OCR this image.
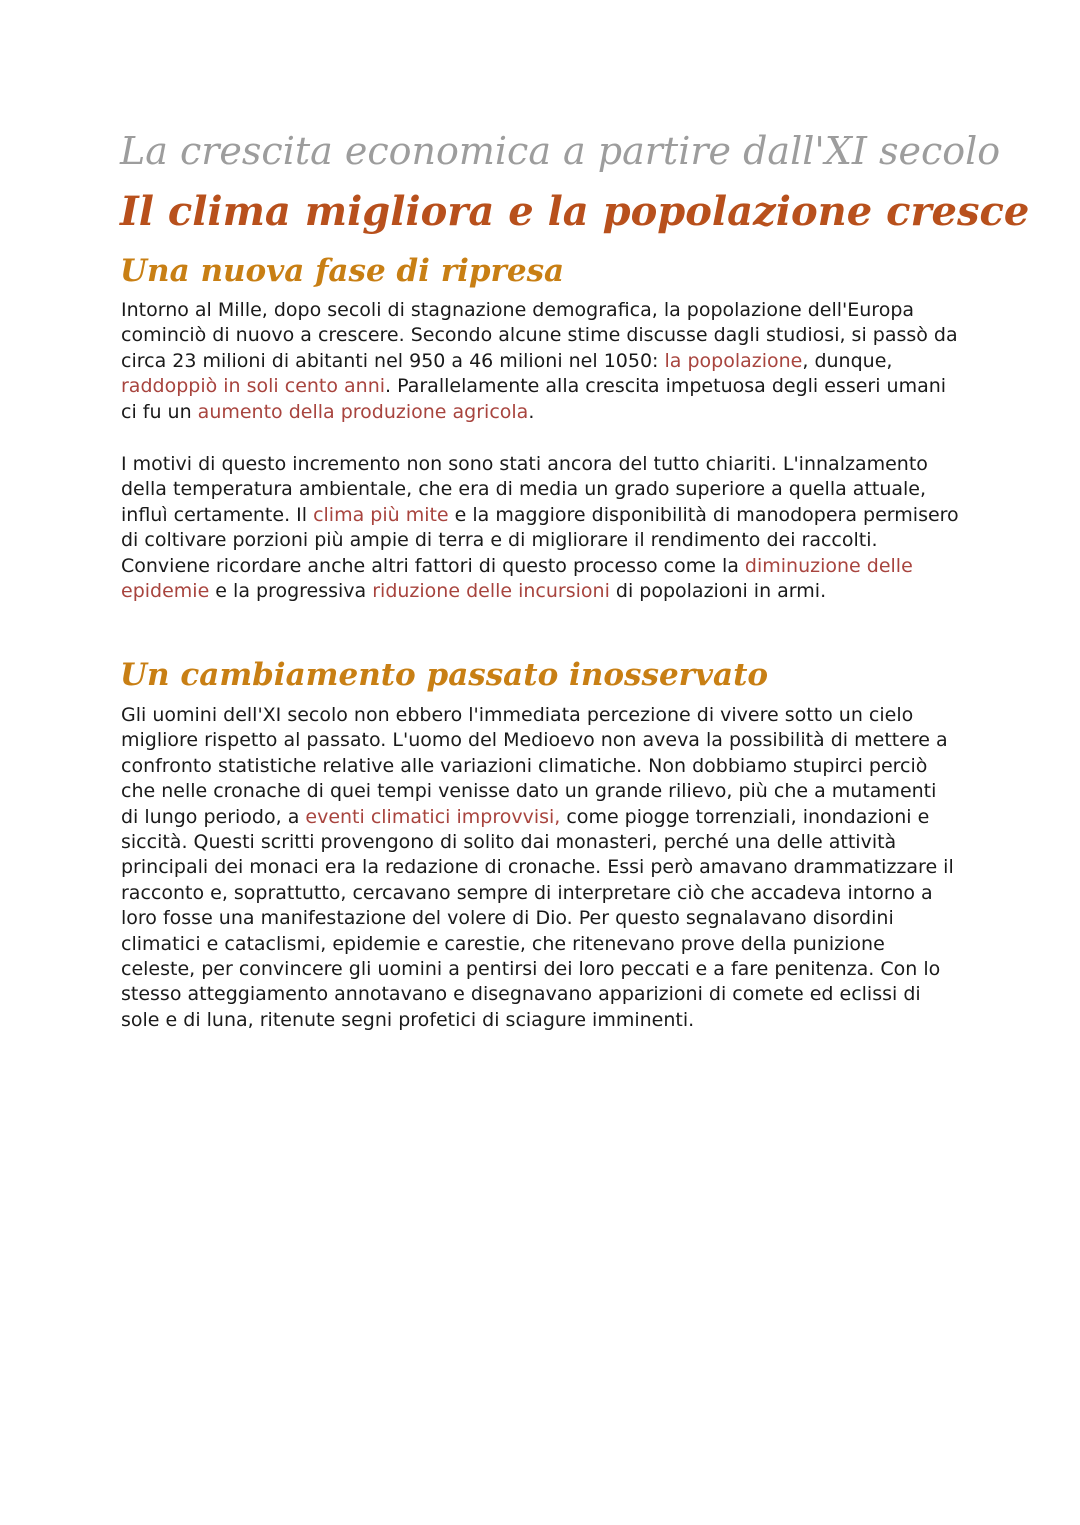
La crescita economica a partire dall'XI secolo
Il clima migliora e la popolazione cresce
Una nuova fase di ripresa

Intorno al Mille, dopo secoli di stagnazione demografica, la popolazione dell'Europa cominciò di nuovo a crescere. Secondo alcune stime discusse dagli studiosi, si passò da circa 23 milioni di abitanti nel 950 a 46 milioni nel 1050: la popolazione, dunque, raddoppiò in soli cento anni. Parallelamente alla crescita impetuosa degli esseri umani ci fu un aumento della produzione agricola.

I motivi di questo incremento non sono stati ancora del tutto chiariti. L'innalzamento della temperatura ambientale, che era di media un grado superiore a quella attuale, influì certamente. Il clima più mite e la maggiore disponibilità di manodopera permisero di coltivare porzioni più ampie di terra e di migliorare il rendimento dei raccolti. Conviene ricordare anche altri fattori di questo processo come la diminuzione delle epidemie e la progressiva riduzione delle incursioni di popolazioni in armi.

Un cambiamento passato inosservato

Gli uomini dell'XI secolo non ebbero l'immediata percezione di vivere sotto un cielo migliore rispetto al passato. L'uomo del Medioevo non aveva la possibilità di mettere a confronto statistiche relative alle variazioni climatiche. Non dobbiamo stupirci perciò che nelle cronache di quei tempi venisse dato un grande rilievo, più che a mutamenti di lungo periodo, a eventi climatici improvvisi, come piogge torrenziali, inondazioni e siccità. Questi scritti provengono di solito dai monasteri, perché una delle attività principali dei monaci era la redazione di cronache. Essi però amavano drammatizzare il racconto e, soprattutto, cercavano sempre di interpretare ciò che accadeva intorno a loro fosse una manifestazione del volere di Dio. Per questo segnalavano disordini climatici e cataclismi, epidemie e carestie, che ritenevano prove della punizione celeste, per convincere gli uomini a pentirsi dei loro peccati e a fare penitenza. Con lo stesso atteggiamento annotavano e disegnavano apparizioni di comete ed eclissi di sole e di luna, ritenute segni profetici di sciagure imminenti.
